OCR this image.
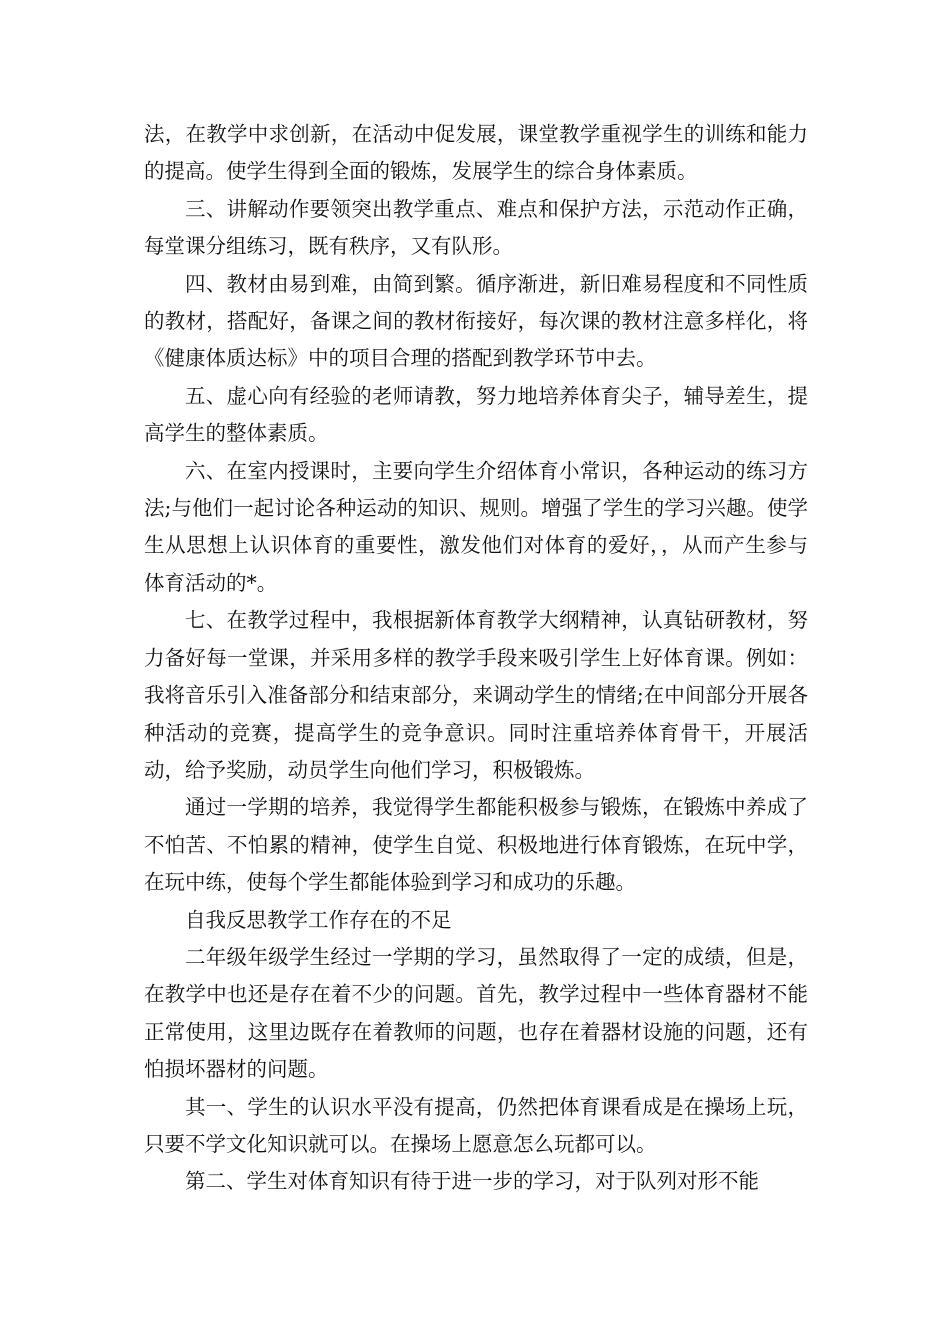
法，在教学中求创新，在活动中促发展，课堂教学重视学生的训练和能力的提高。使学生得到全面的锻炼，发展学生的综合身体素质。

三、讲解动作要领突出教学重点、难点和保护方法，示范动作正确，每堂课分组练习，既有秩序，又有队形。

四、教材由易到难，由简到繁。循序渐进，新旧难易程度和不同性质的教材，搭配好，备课之间的教材衔接好，每次课的教材注意多样化，将《健康体质达标》中的项目合理的搭配到教学环节中去。

五、虚心向有经验的老师请教，努力地培养体育尖子，辅导差生，提高学生的整体素质。

六、在室内授课时，主要向学生介绍体育小常识，各种运动的练习方法;与他们一起讨论各种运动的知识、规则。增强了学生的学习兴趣。使学生从思想上认识体育的重要性，激发他们对体育的爱好，，从而产生参与体育活动的*。

七、在教学过程中，我根据新体育教学大纲精神，认真钻研教材，努力备好每一堂课，并采用多样的教学手段来吸引学生上好体育课。例如：我将音乐引入准备部分和结束部分，来调动学生的情绪;在中间部分开展各种活动的竞赛，提高学生的竞争意识。同时注重培养体育骨干，开展活动，给予奖励，动员学生向他们学习，积极锻炼。

通过一学期的培养，我觉得学生都能积极参与锻炼，在锻炼中养成了不怕苦、不怕累的精神，使学生自觉、积极地进行体育锻炼，在玩中学，在玩中练，使每个学生都能体验到学习和成功的乐趣。

自我反思教学工作存在的不足

二年级年级学生经过一学期的学习，虽然取得了一定的成绩，但是，在教学中也还是存在着不少的问题。首先，教学过程中一些体育器材不能正常使用，这里边既存在着教师的问题，也存在着器材设施的问题，还有怕损坏器材的问题。

其一、学生的认识水平没有提高，仍然把体育课看成是在操场上玩，只要不学文化知识就可以。在操场上愿意怎么玩都可以。

第二、学生对体育知识有待于进一步的学习，对于队列对形不能
